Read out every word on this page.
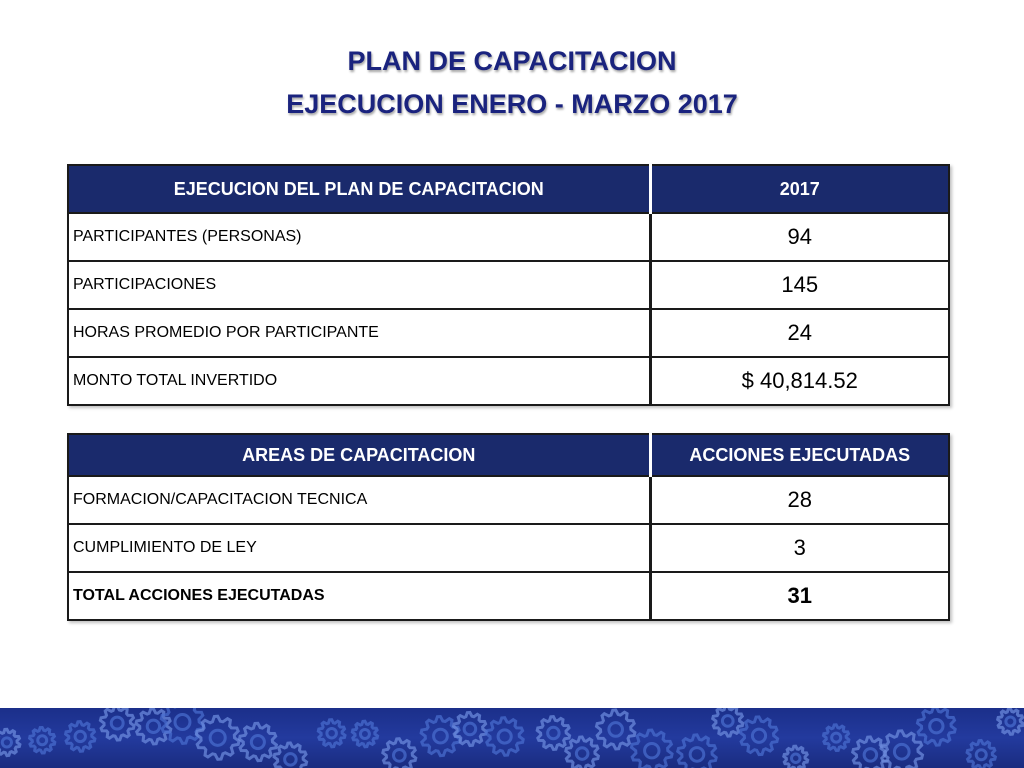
PLAN DE CAPACITACION
EJECUCION ENERO - MARZO 2017
EJECUCION DEL PLAN DE CAPACITACION	2017
PARTICIPANTES (PERSONAS)	94
PARTICIPACIONES	145
HORAS PROMEDIO POR PARTICIPANTE	24
MONTO TOTAL INVERTIDO	$ 40,814.52
AREAS DE CAPACITACION	ACCIONES EJECUTADAS
FORMACION/CAPACITACION TECNICA	28
CUMPLIMIENTO DE LEY	3
TOTAL ACCIONES EJECUTADAS	31
